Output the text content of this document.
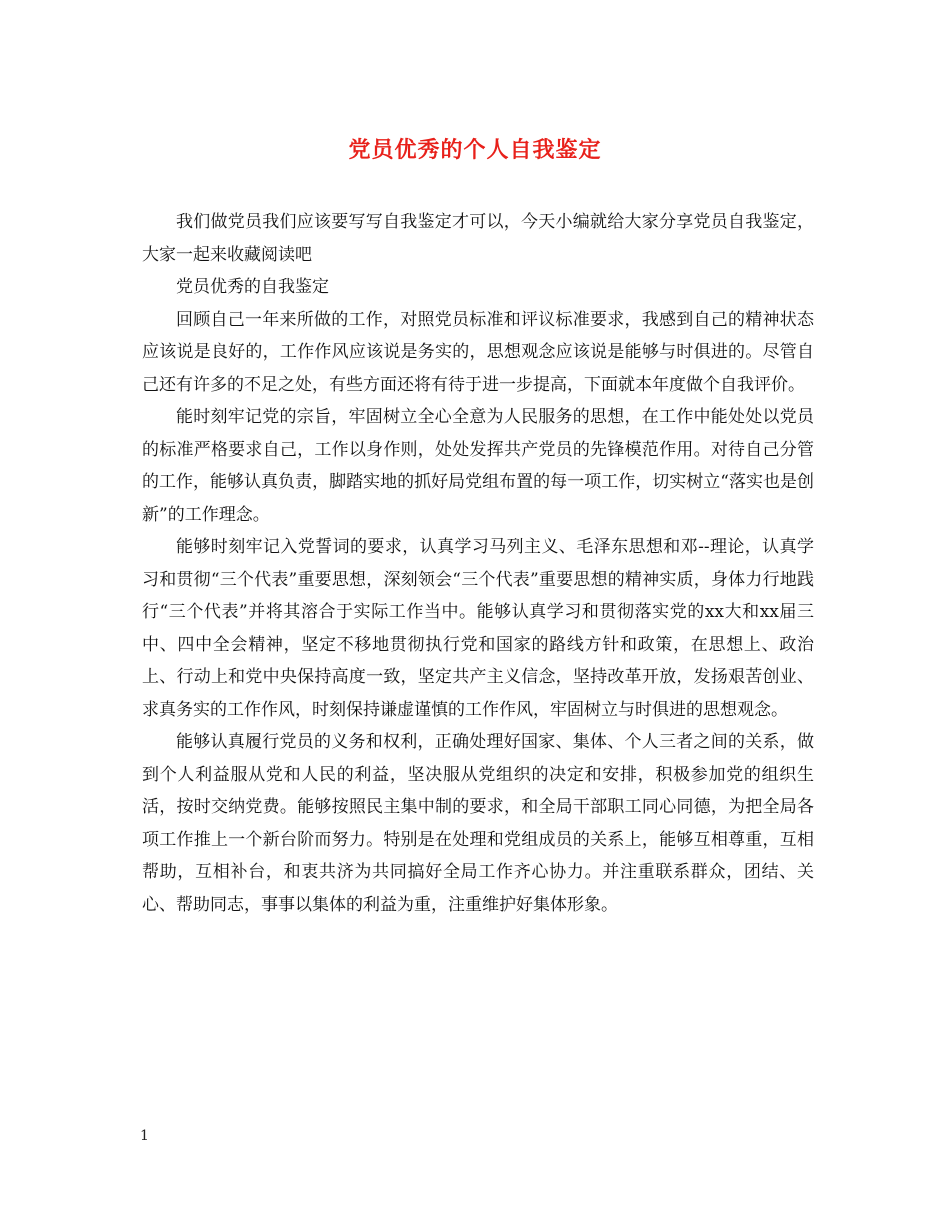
党员优秀的个人自我鉴定

我们做党员我们应该要写写自我鉴定才可以，今天小编就给大家分享党员自我鉴定，大家一起来收藏阅读吧

党员优秀的自我鉴定

回顾自己一年来所做的工作，对照党员标准和评议标准要求，我感到自己的精神状态应该说是良好的，工作作风应该说是务实的，思想观念应该说是能够与时俱进的。尽管自己还有许多的不足之处，有些方面还将有待于进一步提高，下面就本年度做个自我评价。

能时刻牢记党的宗旨，牢固树立全心全意为人民服务的思想，在工作中能处处以党员的标准严格要求自己，工作以身作则，处处发挥共产党员的先锋模范作用。对待自己分管的工作，能够认真负责，脚踏实地的抓好局党组布置的每一项工作，切实树立“落实也是创新”的工作理念。

能够时刻牢记入党誓词的要求，认真学习马列主义、毛泽东思想和邓--理论，认真学习和贯彻“三个代表”重要思想，深刻领会“三个代表”重要思想的精神实质，身体力行地践行“三个代表”并将其溶合于实际工作当中。能够认真学习和贯彻落实党的xx大和xx届三中、四中全会精神，坚定不移地贯彻执行党和国家的路线方针和政策，在思想上、政治上、行动上和党中央保持高度一致，坚定共产主义信念，坚持改革开放，发扬艰苦创业、求真务实的工作作风，时刻保持谦虚谨慎的工作作风，牢固树立与时俱进的思想观念。

能够认真履行党员的义务和权利，正确处理好国家、集体、个人三者之间的关系，做到个人利益服从党和人民的利益，坚决服从党组织的决定和安排，积极参加党的组织生活，按时交纳党费。能够按照民主集中制的要求，和全局干部职工同心同德，为把全局各项工作推上一个新台阶而努力。特别是在处理和党组成员的关系上，能够互相尊重，互相帮助，互相补台，和衷共济为共同搞好全局工作齐心协力。并注重联系群众，团结、关心、帮助同志，事事以集体的利益为重，注重维护好集体形象。

1
